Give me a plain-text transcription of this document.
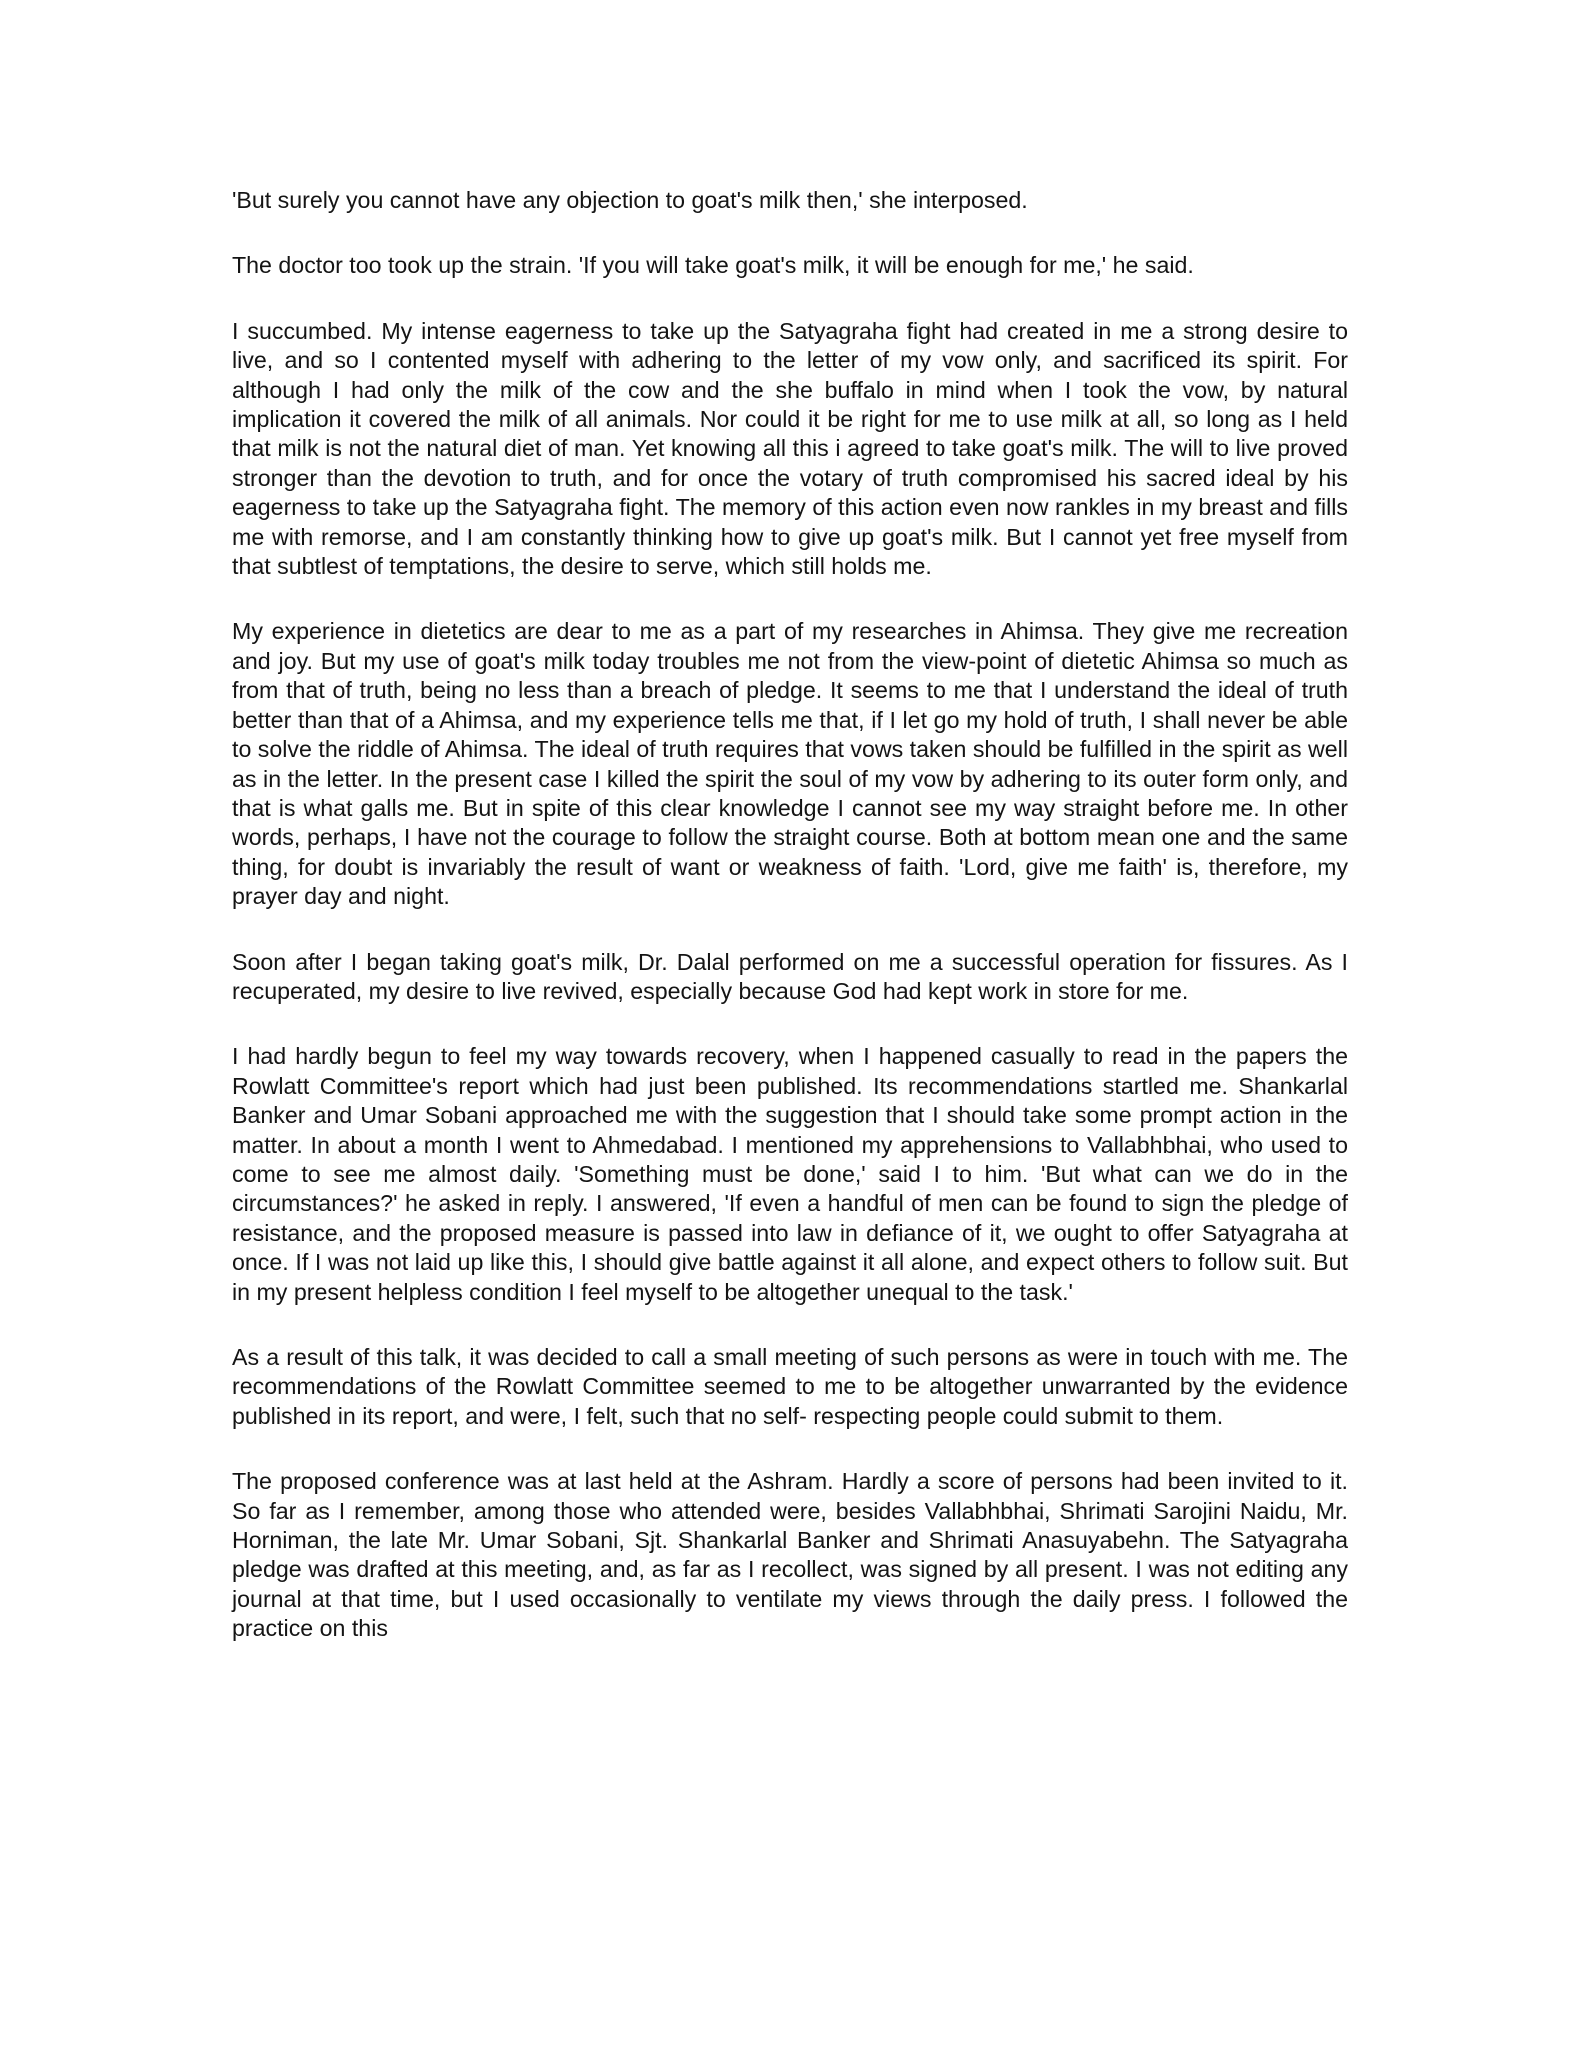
'But surely you cannot have any objection to goat's milk then,' she interposed.

The doctor too took up the strain. 'If you will take goat's milk, it will be enough for me,' he said.

I succumbed. My intense eagerness to take up the Satyagraha fight had created in me a strong desire to live, and so I contented myself with adhering to the letter of my vow only, and sacrificed its spirit. For although I had only the milk of the cow and the she buffalo in mind when I took the vow, by natural implication it covered the milk of all animals. Nor could it be right for me to use milk at all, so long as I held that milk is not the natural diet of man. Yet knowing all this i agreed to take goat's milk. The will to live proved stronger than the devotion to truth, and for once the votary of truth compromised his sacred ideal by his eagerness to take up the Satyagraha fight. The memory of this action even now rankles in my breast and fills me with remorse, and I am constantly thinking how to give up goat's milk. But I cannot yet free myself from that subtlest of temptations, the desire to serve, which still holds me.

My experience in dietetics are dear to me as a part of my researches in Ahimsa. They give me recreation and joy. But my use of goat's milk today troubles me not from the view-point of dietetic Ahimsa so much as from that of truth, being no less than a breach of pledge. It seems to me that I understand the ideal of truth better than that of a Ahimsa, and my experience tells me that, if I let go my hold of truth, I shall never be able to solve the riddle of Ahimsa. The ideal of truth requires that vows taken should be fulfilled in the spirit as well as in the letter. In the present case I killed the spirit the soul of my vow by adhering to its outer form only, and that is what galls me. But in spite of this clear knowledge I cannot see my way straight before me. In other words, perhaps, I have not the courage to follow the straight course. Both at bottom mean one and the same thing, for doubt is invariably the result of want or weakness of faith. 'Lord, give me faith' is, therefore, my prayer day and night.

Soon after I began taking goat's milk, Dr. Dalal performed on me a successful operation for fissures. As I recuperated, my desire to live revived, especially because God had kept work in store for me.

I had hardly begun to feel my way towards recovery, when I happened casually to read in the papers the Rowlatt Committee's report which had just been published. Its recommendations startled me. Shankarlal Banker and Umar Sobani approached me with the suggestion that I should take some prompt action in the matter. In about a month I went to Ahmedabad. I mentioned my apprehensions to Vallabhbhai, who used to come to see me almost daily. 'Something must be done,' said I to him. 'But what can we do in the circumstances?' he asked in reply. I answered, 'If even a handful of men can be found to sign the pledge of resistance, and the proposed measure is passed into law in defiance of it, we ought to offer Satyagraha at once. If I was not laid up like this, I should give battle against it all alone, and expect others to follow suit. But in my present helpless condition I feel myself to be altogether unequal to the task.'

As a result of this talk, it was decided to call a small meeting of such persons as were in touch with me. The recommendations of the Rowlatt Committee seemed to me to be altogether unwarranted by the evidence published in its report, and were, I felt, such that no self- respecting people could submit to them.

The proposed conference was at last held at the Ashram. Hardly a score of persons had been invited to it. So far as I remember, among those who attended were, besides Vallabhbhai, Shrimati Sarojini Naidu, Mr. Horniman, the late Mr. Umar Sobani, Sjt. Shankarlal Banker and Shrimati Anasuyabehn. The Satyagraha pledge was drafted at this meeting, and, as far as I recollect, was signed by all present. I was not editing any journal at that time, but I used occasionally to ventilate my views through the daily press. I followed the practice on this
